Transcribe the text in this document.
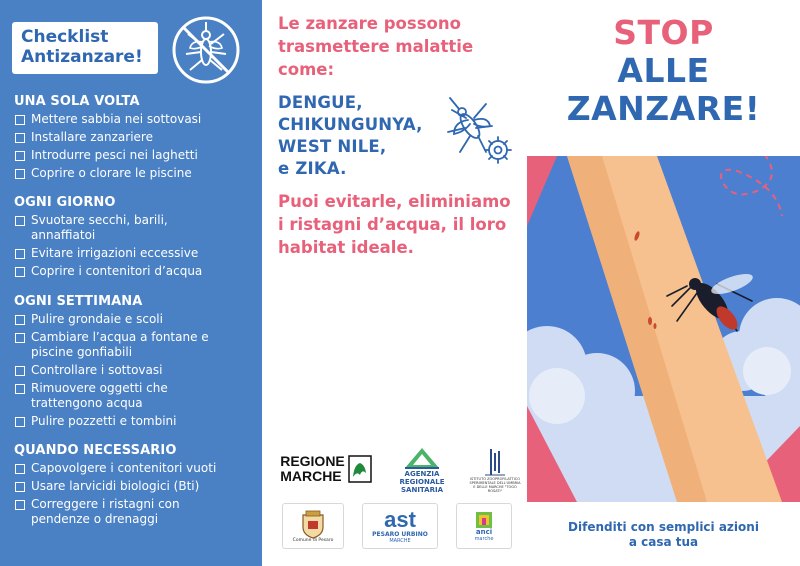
Checklist
Antizanzare!
UNA SOLA VOLTA
Mettere sabbia nei sottovasi
Installare zanzariere
Introdurre pesci nei laghetti
Coprire o clorare le piscine
OGNI GIORNO
Svuotare secchi, barili, annaffiatoi
Evitare irrigazioni eccessive
Coprire i contenitori d’acqua
OGNI SETTIMANA
Pulire grondaie e scoli
Cambiare l’acqua a fontane e piscine gonfiabili
Controllare i sottovasi
Rimuovere oggetti che trattengono acqua
Pulire pozzetti e tombini
QUANDO NECESSARIO
Capovolgere i contenitori vuoti
Usare larvicidi biologici (Bti)
Correggere i ristagni con pendenze o drenaggi
Le zanzare possono trasmettere malattie come:
DENGUE,
CHIKUNGUNYA,
WEST NILE,
e ZIKA.
Puoi evitarle, eliminiamo i ristagni d’acqua, il loro habitat ideale.
REGIONE
MARCHE	AGENZIA
REGIONALE
SANITARIA
ISTITUTO ZOOPROFILATTICO SPERIMENTALE DELL'UMBRIA E DELLE MARCHE "TOGO ROSATI"
Comune di Pesaro
ast
PESARO URBINO
MARCHE
anci
marche
STOP
ALLE
ZANZARE!
Difenditi con semplici azioni
a casa tua
